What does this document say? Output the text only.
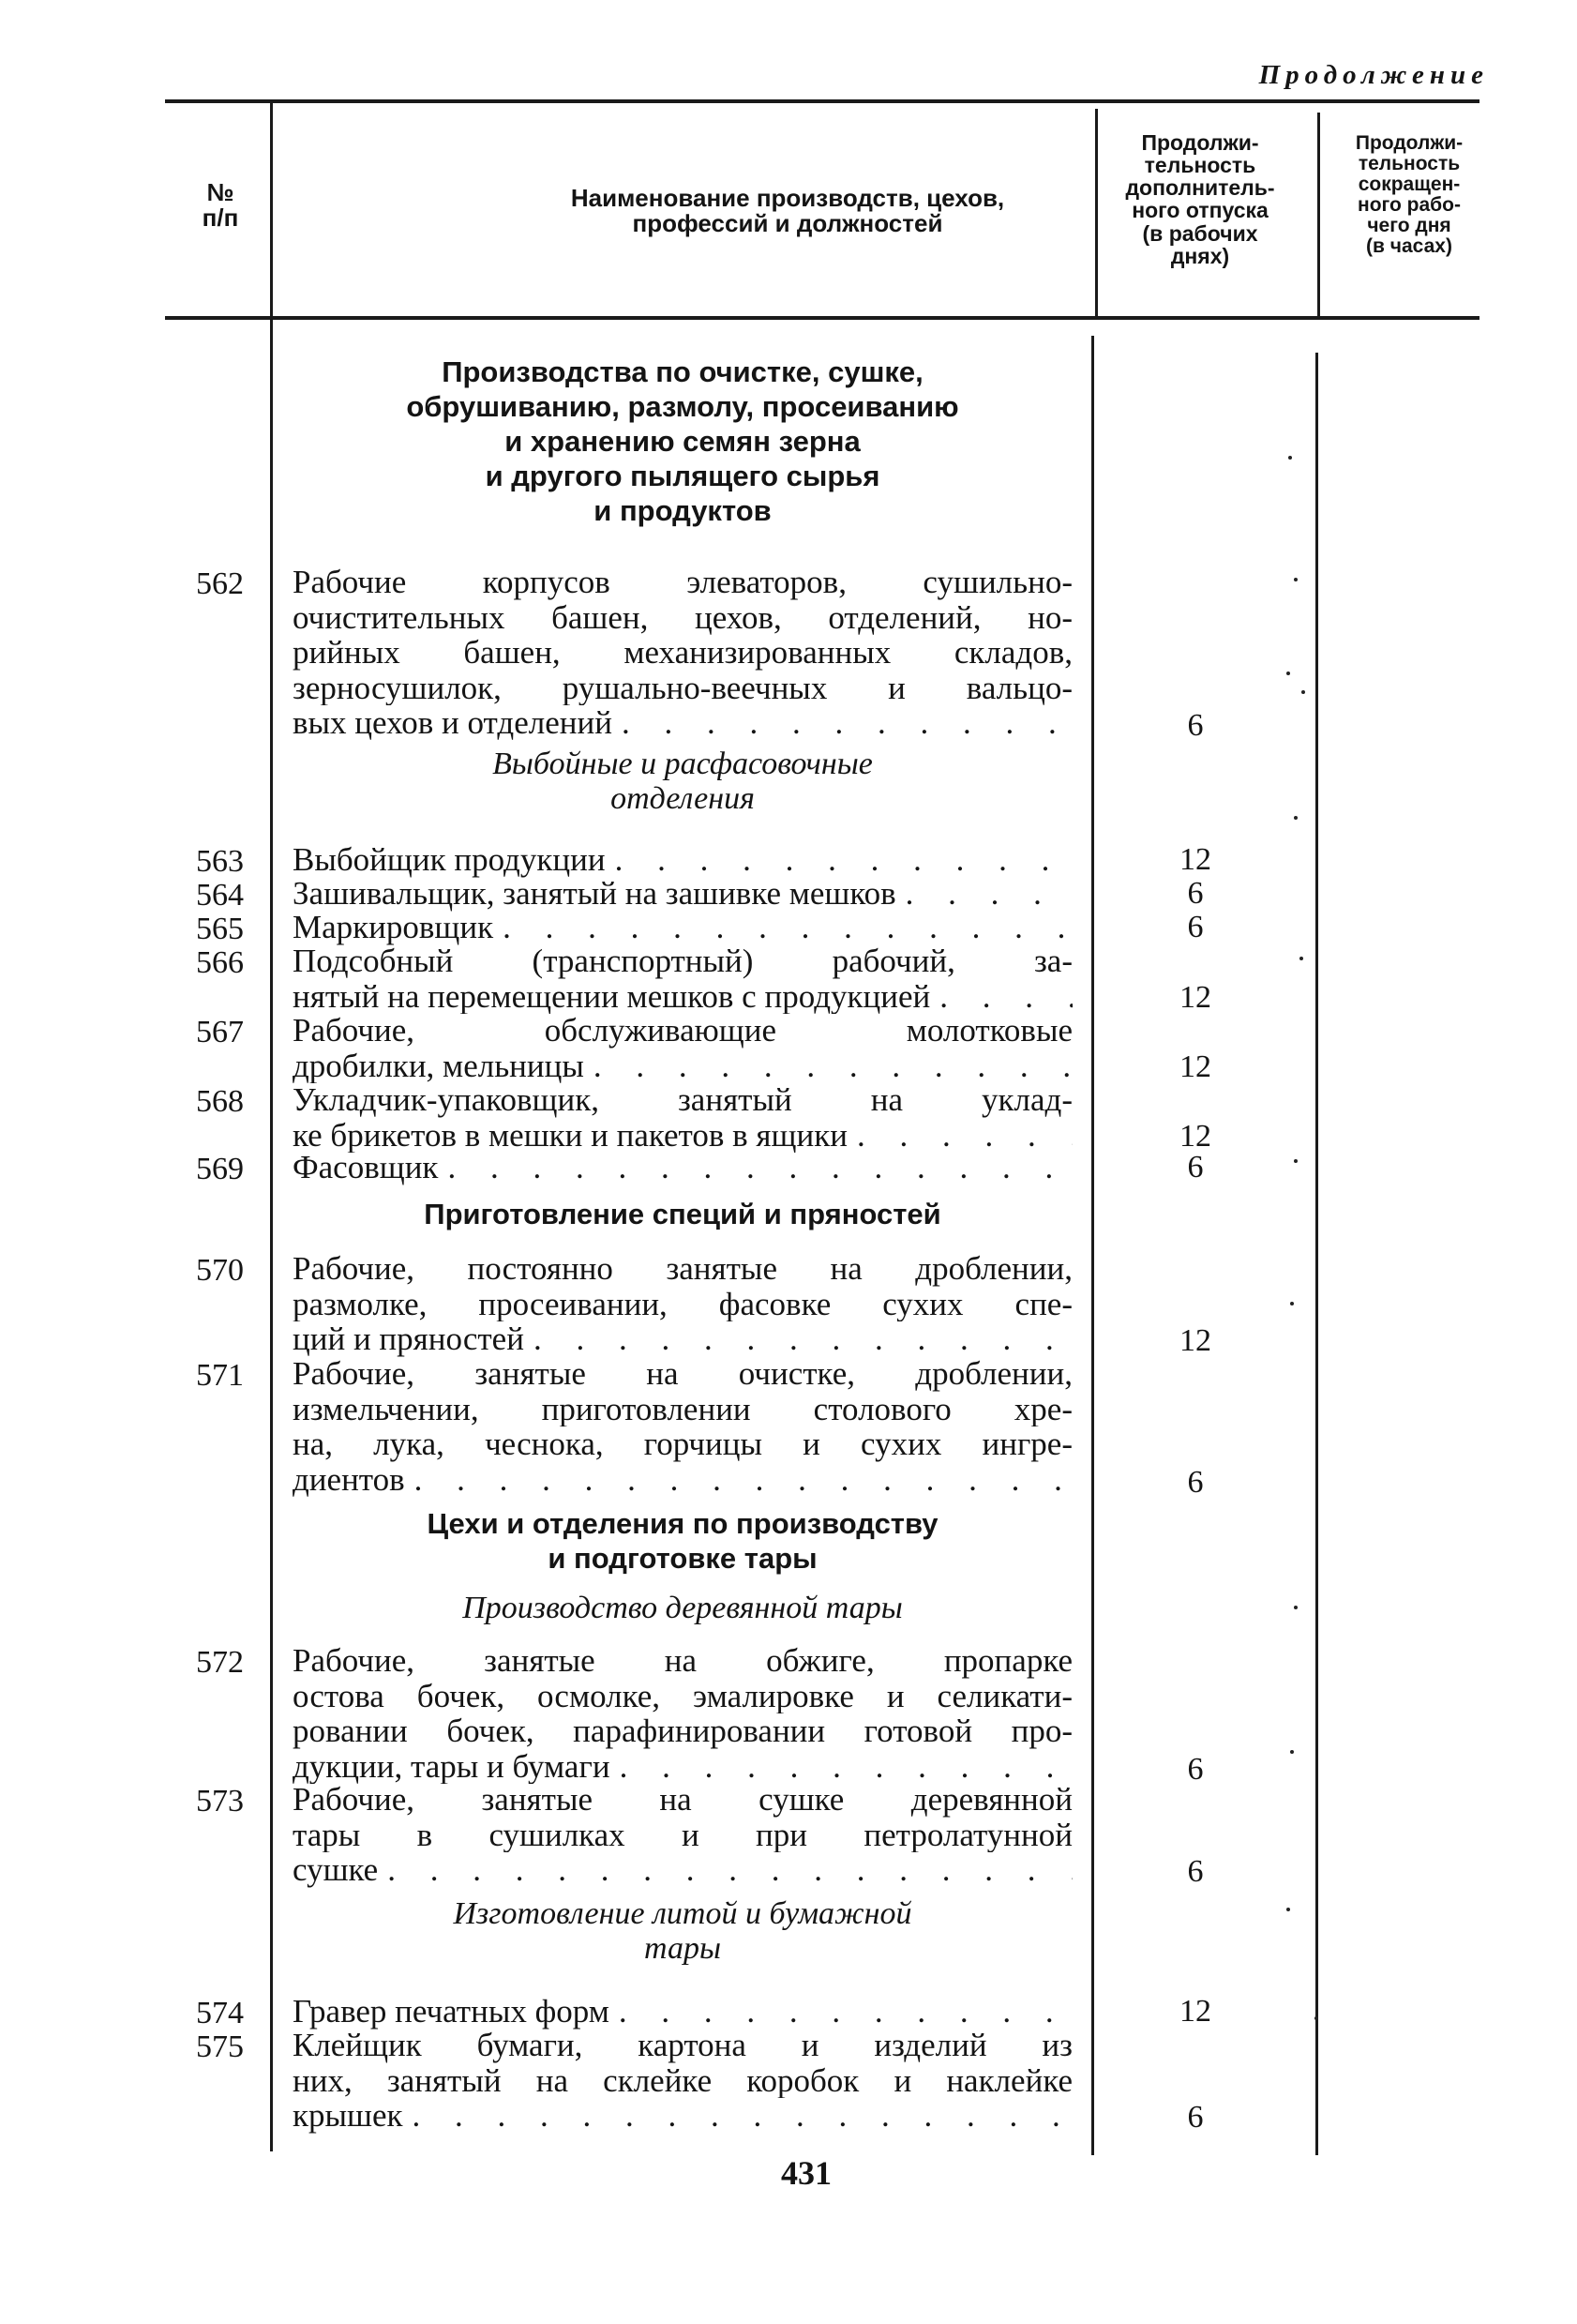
Продолжение
№
п/п
Наименование производств, цехов,
профессий и должностей
Продолжи-
тельность
дополнитель-
ного отпуска
(в рабочих
днях)
Продолжи-
тельность
сокращен-
ного рабо-
чего дня
(в часах)
Производства по очистке, сушке,
обрушиванию, размолу, просеиванию
и хранению семян зерна
и другого пылящего сырья
и продуктов
Выбойные и расфасовочные
отделения
Приготовление специй и пряностей
Цехи и отделения по производству
и подготовке тары
Производство деревянной тары
Изготовление литой и бумажной
тары
562 Рабочие корпусов элеваторов, сушильно-
очистительных башен, цехов, отделений, но-
рийных башен, механизированных складов,
зерносушилок, рушально-веечных и вальцо-
вых цехов и отделений . . .	6
563 Выбойщик продукции . . .	12
564 Зашивальщик, занятый на зашивке мешков . . .	6
565 Маркировщик . . .	6
566 Подсобный (транспортный) рабочий, за-
нятый на перемещении мешков с продукцией . . .	12
567 Рабочие, обслуживающие молотковые
дробилки, мельницы . . .	12
568 Укладчик-упаковщик, занятый на уклад-
ке брикетов в мешки и пакетов в ящики . . .	12
569 Фасовщик . . .	6
570 Рабочие, постоянно занятые на дроблении,
размолке, просеивании, фасовке сухих спе-
ций и пряностей . . .	12
571 Рабочие, занятые на очистке, дроблении,
измельчении, приготовлении столового хре-
на, лука, чеснока, горчицы и сухих ингре-
диентов . . .	6
572 Рабочие, занятые на обжиге, пропарке
остова бочек, осмолке, эмалировке и селикати-
ровании бочек, парафинировании готовой про-
дукции, тары и бумаги . . .	6
573 Рабочие, занятые на сушке деревянной
тары в сушилках и при петролатунной
сушке . . .	6
574 Гравер печатных форм . . .	12
575 Клейщик бумаги, картона и изделий из
них, занятый на склейке коробок и наклейке
крышек . . .	6
431
